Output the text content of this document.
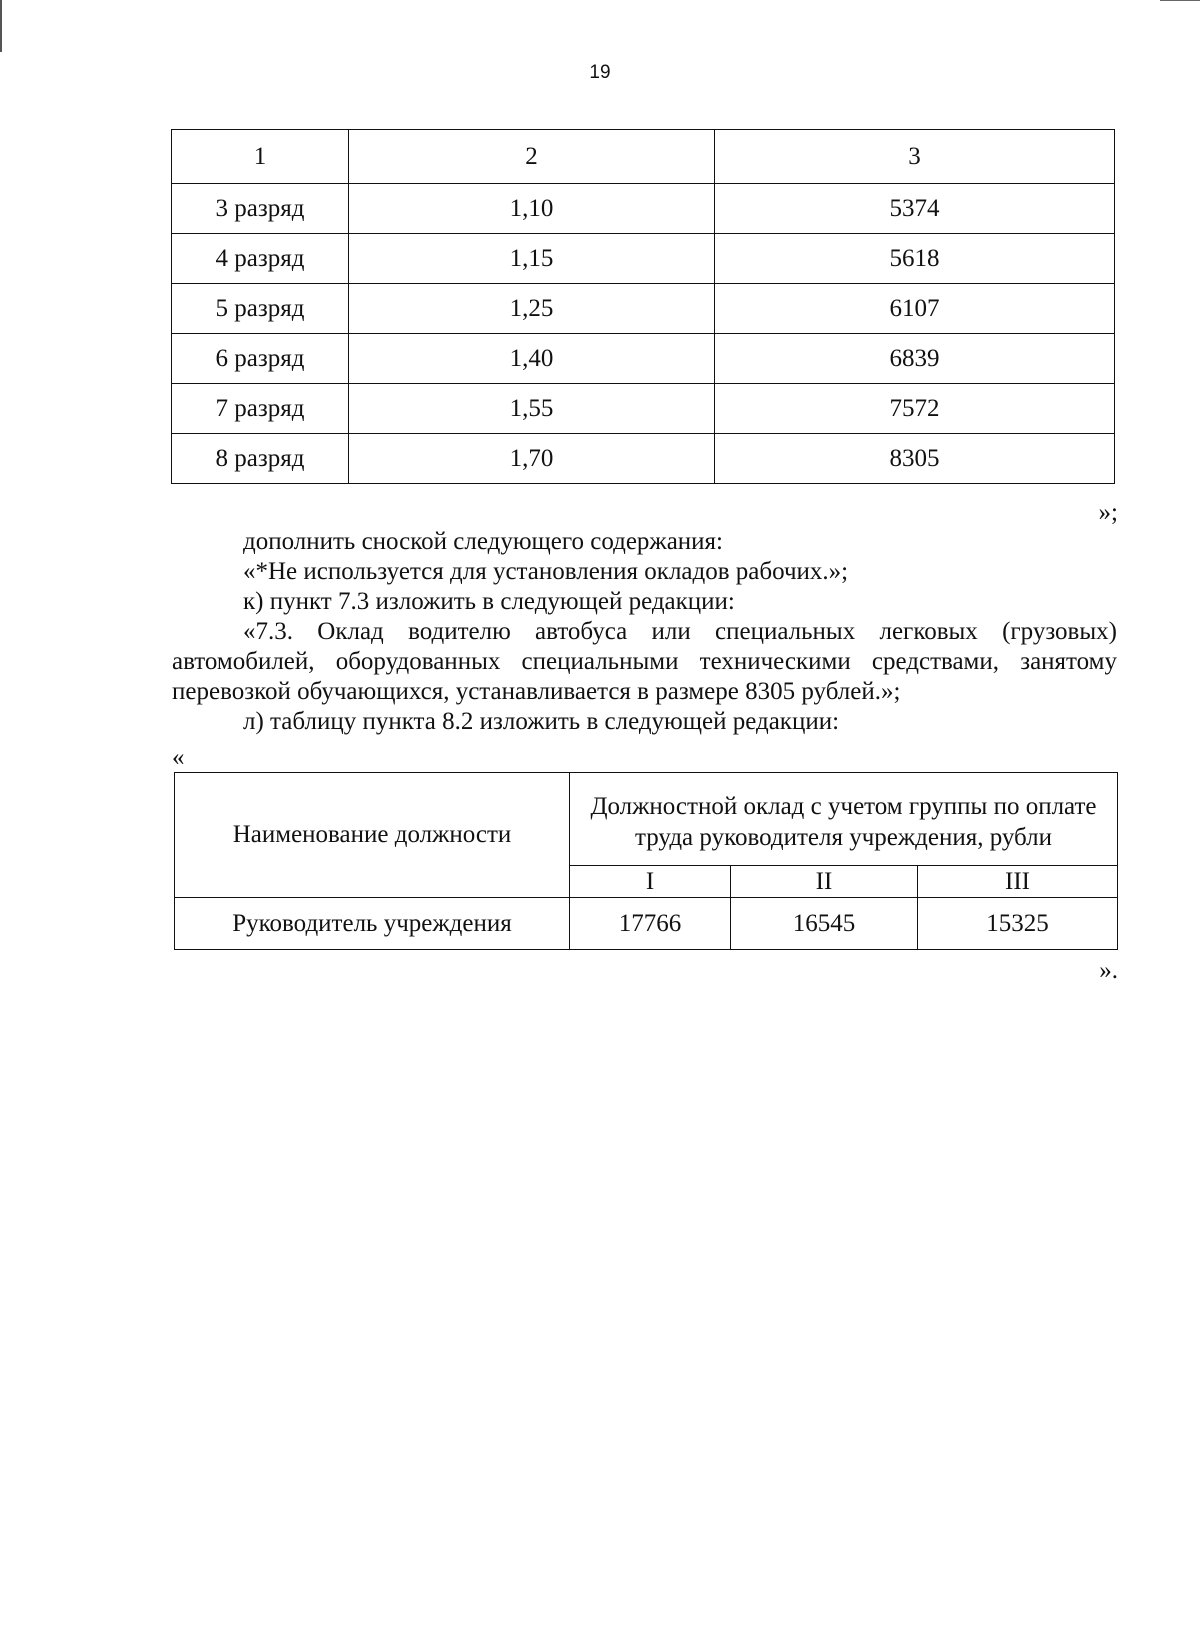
19
1	2	3
3 разряд	1,10	5374
4 разряд	1,15	5618
5 разряд	1,25	6107
6 разряд	1,40	6839
7 разряд	1,55	7572
8 разряд	1,70	8305
»;

дополнить сноской следующего содержания:

«*Не используется для установления окладов рабочих.»;

к) пункт 7.3 изложить в следующей редакции:

«7.3. Оклад водителю автобуса или специальных легковых (грузовых) автомобилей, оборудованных специальными техническими средствами, занятому перевозкой обучающихся, устанавливается в размере 8305 рублей.»;

л) таблицу пункта 8.2 изложить в следующей редакции:

«
Наименование должности	Должностной оклад с учетом группы по оплате труда руководителя учреждения, рубли		
	I	II	III
Руководитель учреждения	17766	16545	15325
».
